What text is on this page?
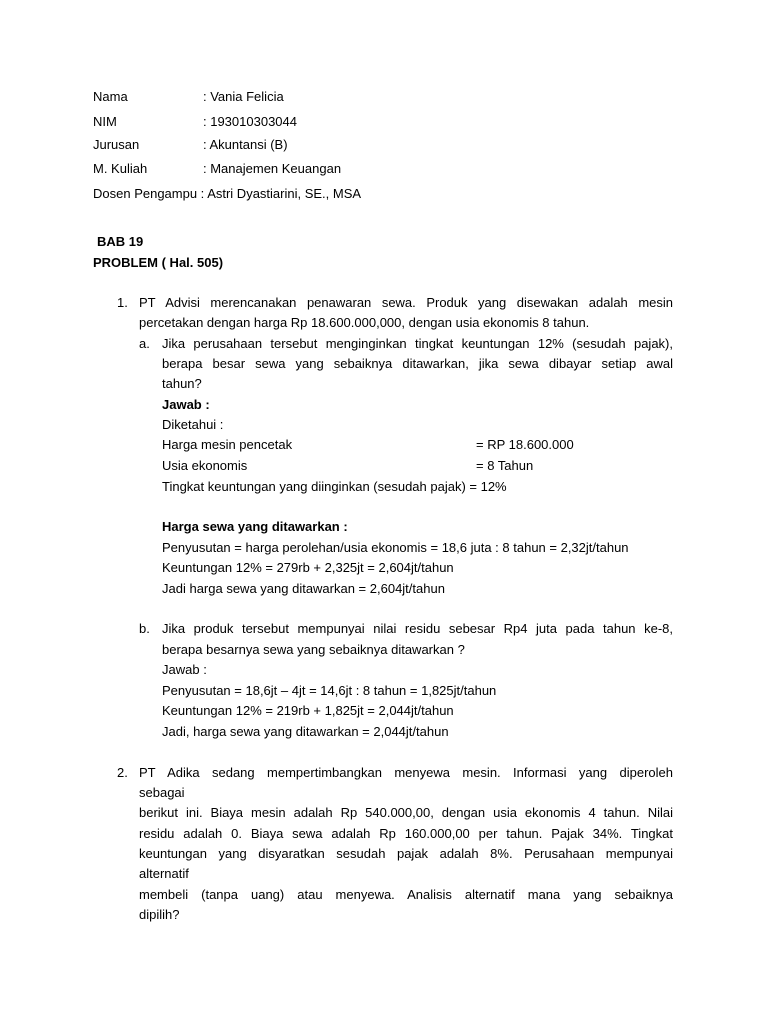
Nama	: Vania Felicia
NIM	: 193010303044
Jurusan	: Akuntansi (B)
M. Kuliah	: Manajemen Keuangan
Dosen Pengampu : Astri Dyastiarini, SE., MSA
BAB 19
PROBLEM ( Hal. 505)
1. PT Advisi merencanakan penawaran sewa. Produk yang disewakan adalah mesin
percetakan dengan harga Rp 18.600.000,000, dengan usia ekonomis 8 tahun.
a. Jika perusahaan tersebut menginginkan tingkat keuntungan 12% (sesudah pajak),
berapa besar sewa yang sebaiknya ditawarkan, jika sewa dibayar setiap awal
tahun?
Jawab :
Diketahui :
Harga mesin pencetak	= RP 18.600.000
Usia ekonomis	= 8 Tahun
Tingkat keuntungan yang diinginkan (sesudah pajak) = 12%
Harga sewa yang ditawarkan :
Penyusutan = harga perolehan/usia ekonomis = 18,6 juta : 8 tahun = 2,32jt/tahun
Keuntungan 12% = 279rb + 2,325jt = 2,604jt/tahun
Jadi harga sewa yang ditawarkan = 2,604jt/tahun
b. Jika produk tersebut mempunyai nilai residu sebesar Rp4 juta pada tahun ke-8,
berapa besarnya sewa yang sebaiknya ditawarkan ?
Jawab :
Penyusutan = 18,6jt – 4jt = 14,6jt : 8 tahun = 1,825jt/tahun
Keuntungan 12% = 219rb + 1,825jt = 2,044jt/tahun
Jadi, harga sewa yang ditawarkan = 2,044jt/tahun
2. PT Adika sedang mempertimbangkan menyewa mesin. Informasi yang diperoleh
sebagai
berikut ini. Biaya mesin adalah Rp 540.000,00, dengan usia ekonomis 4 tahun. Nilai
residu adalah 0. Biaya sewa adalah Rp 160.000,00 per tahun. Pajak 34%. Tingkat
keuntungan yang disyaratkan sesudah pajak adalah 8%. Perusahaan mempunyai
alternatif
membeli (tanpa uang) atau menyewa. Analisis alternatif mana yang sebaiknya
dipilih?
